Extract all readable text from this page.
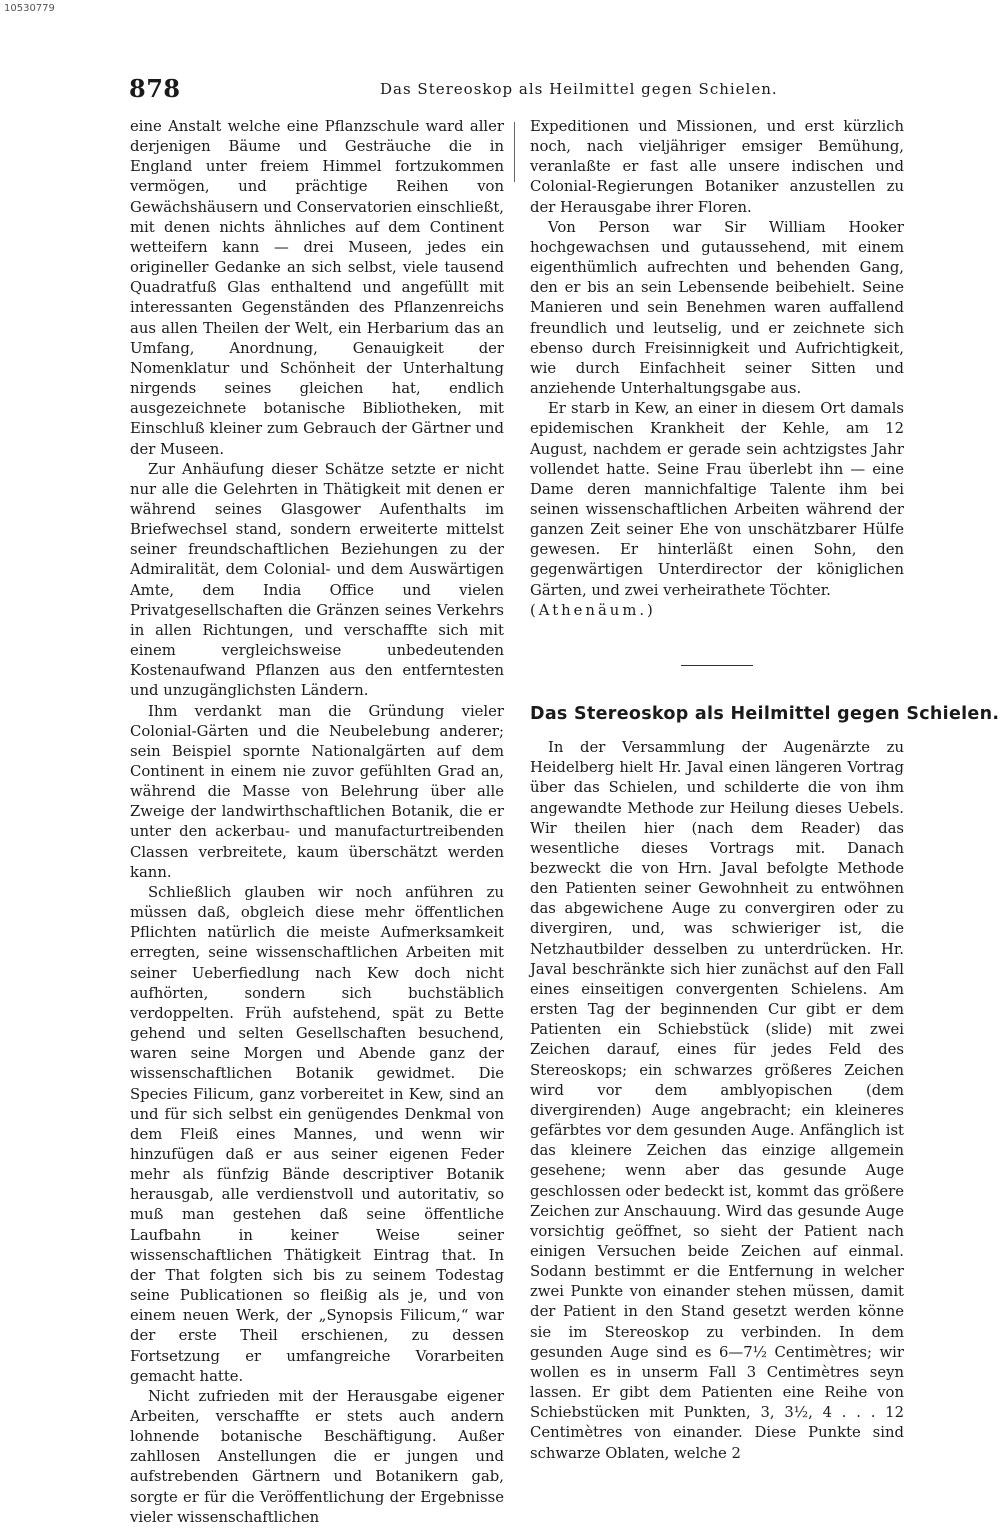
10530779
878	Das Stereoskop als Heilmittel gegen Schielen.

eine Anstalt welche eine Pflanzschule ward aller derjenigen Bäume und Gesträuche die in England unter freiem Himmel fortzukommen vermögen, und prächtige Reihen von Gewächshäusern und Conservatorien einschließt, mit denen nichts ähnliches auf dem Continent wetteifern kann — drei Museen, jedes ein origineller Gedanke an sich selbst, viele tausend Quadratfuß Glas enthaltend und angefüllt mit interessanten Gegenständen des Pflanzenreichs aus allen Theilen der Welt, ein Herbarium das an Umfang, Anordnung, Genauigkeit der Nomenklatur und Schönheit der Unterhaltung nirgends seines gleichen hat, endlich ausgezeichnete botanische Bibliotheken, mit Einschluß kleiner zum Gebrauch der Gärtner und der Museen.

Zur Anhäufung dieser Schätze setzte er nicht nur alle die Gelehrten in Thätigkeit mit denen er während seines Glasgower Aufenthalts im Briefwechsel stand, sondern erweiterte mittelst seiner freundschaftlichen Beziehungen zu der Admiralität, dem Colonial- und dem Auswärtigen Amte, dem India Office und vielen Privatgesellschaften die Gränzen seines Verkehrs in allen Richtungen, und verschaffte sich mit einem vergleichsweise unbedeutenden Kostenaufwand Pflanzen aus den entferntesten und unzugänglichsten Ländern.

Ihm verdankt man die Gründung vieler Colonial-Gärten und die Neubelebung anderer; sein Beispiel spornte Nationalgärten auf dem Continent in einem nie zuvor gefühlten Grad an, während die Masse von Belehrung über alle Zweige der landwirthschaftlichen Botanik, die er unter den ackerbau- und manufacturtreibenden Classen verbreitete, kaum überschätzt werden kann.

Schließlich glauben wir noch anführen zu müssen daß, obgleich diese mehr öffentlichen Pflichten natürlich die meiste Aufmerksamkeit erregten, seine wissenschaftlichen Arbeiten mit seiner Ueberfiedlung nach Kew doch nicht aufhörten, sondern sich buchstäblich verdoppelten. Früh aufstehend, spät zu Bette gehend und selten Gesellschaften besuchend, waren seine Morgen und Abende ganz der wissenschaftlichen Botanik gewidmet. Die Species Filicum, ganz vorbereitet in Kew, sind an und für sich selbst ein genügendes Denkmal von dem Fleiß eines Mannes, und wenn wir hinzufügen daß er aus seiner eigenen Feder mehr als fünfzig Bände descriptiver Botanik herausgab, alle verdienstvoll und autoritativ, so muß man gestehen daß seine öffentliche Laufbahn in keiner Weise seiner wissenschaftlichen Thätigkeit Eintrag that. In der That folgten sich bis zu seinem Todestag seine Publicationen so fleißig als je, und von einem neuen Werk, der „Synopsis Filicum,“ war der erste Theil erschienen, zu dessen Fortsetzung er umfangreiche Vorarbeiten gemacht hatte.

Nicht zufrieden mit der Herausgabe eigener Arbeiten, verschaffte er stets auch andern lohnende botanische Beschäftigung. Außer zahllosen Anstellungen die er jungen und aufstrebenden Gärtnern und Botanikern gab, sorgte er für die Veröffentlichung der Ergebnisse vieler wissenschaftlichen

Expeditionen und Missionen, und erst kürzlich noch, nach vieljähriger emsiger Bemühung, veranlaßte er fast alle unsere indischen und Colonial-Regierungen Botaniker anzustellen zu der Herausgabe ihrer Floren.

Von Person war Sir William Hooker hochgewachsen und gutaussehend, mit einem eigenthümlich aufrechten und behenden Gang, den er bis an sein Lebensende beibehielt. Seine Manieren und sein Benehmen waren auffallend freundlich und leutselig, und er zeichnete sich ebenso durch Freisinnigkeit und Aufrichtigkeit, wie durch Einfachheit seiner Sitten und anziehende Unterhaltungsgabe aus.

Er starb in Kew, an einer in diesem Ort damals epidemischen Krankheit der Kehle, am 12 August, nachdem er gerade sein achtzigstes Jahr vollendet hatte. Seine Frau überlebt ihn — eine Dame deren mannichfaltige Talente ihm bei seinen wissenschaftlichen Arbeiten während der ganzen Zeit seiner Ehe von unschätzbarer Hülfe gewesen. Er hinterläßt einen Sohn, den gegenwärtigen Unterdirector der königlichen Gärten, und zwei verheirathete Töchter.

(Athenäum.)

Das Stereoskop als Heilmittel gegen Schielen.

In der Versammlung der Augenärzte zu Heidelberg hielt Hr. Javal einen längeren Vortrag über das Schielen, und schilderte die von ihm angewandte Methode zur Heilung dieses Uebels. Wir theilen hier (nach dem Reader) das wesentliche dieses Vortrags mit. Danach bezweckt die von Hrn. Javal befolgte Methode den Patienten seiner Gewohnheit zu entwöhnen das abgewichene Auge zu convergiren oder zu divergiren, und, was schwieriger ist, die Netzhautbilder desselben zu unterdrücken. Hr. Javal beschränkte sich hier zunächst auf den Fall eines einseitigen convergenten Schielens. Am ersten Tag der beginnenden Cur gibt er dem Patienten ein Schiebstück (slide) mit zwei Zeichen darauf, eines für jedes Feld des Stereoskops; ein schwarzes größeres Zeichen wird vor dem amblyopischen (dem divergirenden) Auge angebracht; ein kleineres gefärbtes vor dem gesunden Auge. Anfänglich ist das kleinere Zeichen das einzige allgemein gesehene; wenn aber das gesunde Auge geschlossen oder bedeckt ist, kommt das größere Zeichen zur Anschauung. Wird das gesunde Auge vorsichtig geöffnet, so sieht der Patient nach einigen Versuchen beide Zeichen auf einmal. Sodann bestimmt er die Entfernung in welcher zwei Punkte von einander stehen müssen, damit der Patient in den Stand gesetzt werden könne sie im Stereoskop zu verbinden. In dem gesunden Auge sind es 6—7½ Centimètres; wir wollen es in unserm Fall 3 Centimètres seyn lassen. Er gibt dem Patienten eine Reihe von Schiebstücken mit Punkten, 3, 3½, 4 . . . 12 Centimètres von einander. Diese Punkte sind schwarze Oblaten, welche 2
